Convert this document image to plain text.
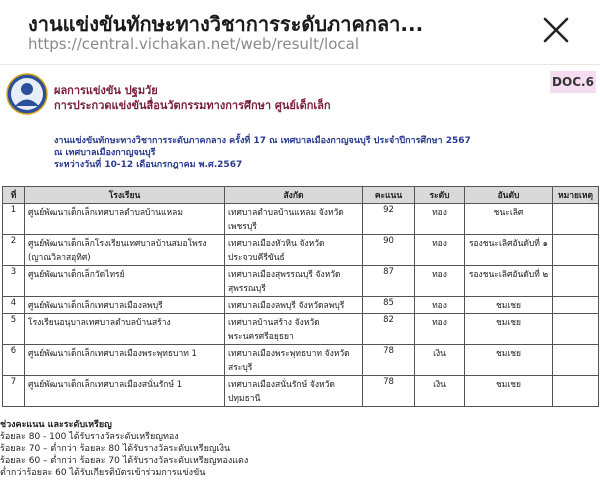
งานแข่งขันทักษะทางวิชาการระดับภาคกลา...
https://central.vichakan.net/web/result/local
ผลการแข่งขัน ปฐมวัย
การประกวดแข่งขันสื่อนวัตกรรมทางการศึกษา ศูนย์เด็กเล็ก
DOC.6
งานแข่งขันทักษะทางวิชาการระดับภาคกลาง ครั้งที่ 17 ณ เทศบาลเมืองกาญจนบุรี ประจำปีการศึกษา 2567
ณ เทศบาลเมืองกาญจนบุรี
ระหว่างวันที่ 10-12 เดือนกรกฎาคม พ.ศ.2567
ที่	โรงเรียน	สังกัด	คะแนน	ระดับ	อันดับ	หมายเหตุ
1	ศูนย์พัฒนาเด็กเล็กเทศบาลตำบลบ้านแหลม	เทศบาลตำบลบ้านแหลม จังหวัดเพชรบุรี	92	ทอง	ชนะเลิศ	
2	ศูนย์พัฒนาเด็กเล็กโรงเรียนเทศบาลบ้านสมอโพรง (ญาณวิลาสอุทิศ)	เทศบาลเมืองหัวหิน จังหวัดประจวบคีรีขันธ์	90	ทอง	รองชนะเลิศอันดับที่ ๑	
3	ศูนย์พัฒนาเด็กเล็กวัดไทรย์	เทศบาลเมืองสุพรรณบุรี จังหวัดสุพรรณบุรี	87	ทอง	รองชนะเลิศอันดับที่ ๒	
4	ศูนย์พัฒนาเด็กเล็กเทศบาลเมืองลพบุรี	เทศบาลเมืองลพบุรี จังหวัดลพบุรี	85	ทอง	ชมเชย	
5	โรงเรียนอนุบาลเทศบาลตำบลบ้านสร้าง	เทศบาลบ้านสร้าง จังหวัดพระนครศรีอยุธยา	82	ทอง	ชมเชย	
6	ศูนย์พัฒนาเด็กเล็กเทศบาลเมืองพระพุทธบาท 1	เทศบาลเมืองพระพุทธบาท จังหวัดสระบุรี	78	เงิน	ชมเชย	
7	ศูนย์พัฒนาเด็กเล็กเทศบาลเมืองสนั่นรักษ์ 1	เทศบาลเมืองสนั่นรักษ์ จังหวัดปทุมธานี	78	เงิน	ชมเชย	
ช่วงคะแนน และระดับเหรียญ
ร้อยละ 80 - 100 ได้รับรางวัลระดับเหรียญทอง
ร้อยละ 70 – ต่ำกว่า ร้อยละ 80 ได้รับรางวัลระดับเหรียญเงิน
ร้อยละ 60 – ต่ำกว่า ร้อยละ 70 ได้รับรางวัลระดับเหรียญทองแดง
ต่ำกว่าร้อยละ 60 ได้รับเกียรติบัตรเข้าร่วมการแข่งขัน
